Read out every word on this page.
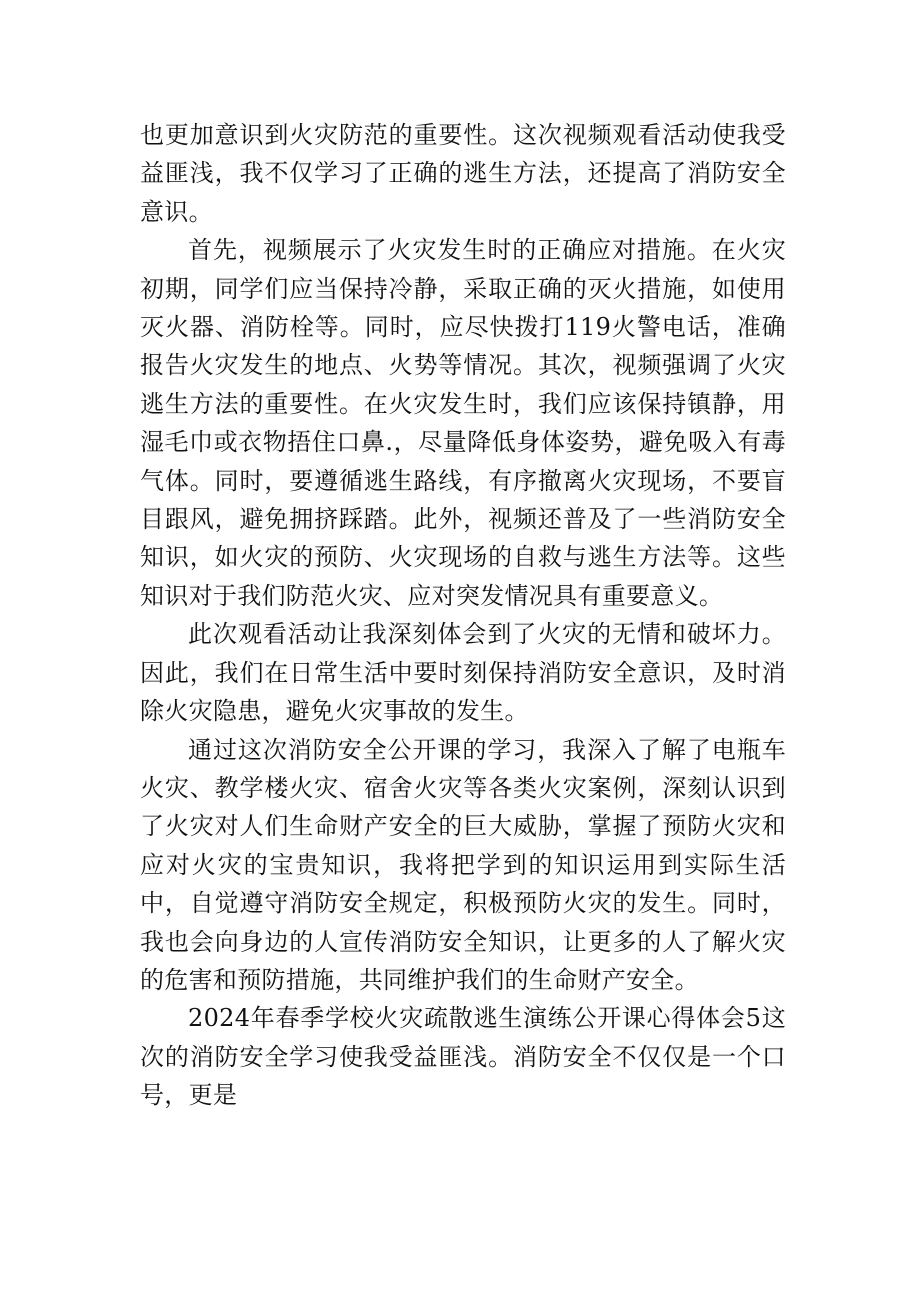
也更加意识到火灾防范的重要性。这次视频观看活动使我受益匪浅，我不仅学习了正确的逃生方法，还提高了消防安全意识。

首先，视频展示了火灾发生时的正确应对措施。在火灾初期，同学们应当保持冷静，采取正确的灭火措施，如使用灭火器、消防栓等。同时，应尽快拨打119火警电话，准确报告火灾发生的地点、火势等情况。其次，视频强调了火灾逃生方法的重要性。在火灾发生时，我们应该保持镇静，用湿毛巾或衣物捂住口鼻.，尽量降低身体姿势，避免吸入有毒气体。同时，要遵循逃生路线，有序撤离火灾现场，不要盲目跟风，避免拥挤踩踏。此外，视频还普及了一些消防安全知识，如火灾的预防、火灾现场的自救与逃生方法等。这些知识对于我们防范火灾、应对突发情况具有重要意义。

此次观看活动让我深刻体会到了火灾的无情和破坏力。因此，我们在日常生活中要时刻保持消防安全意识，及时消除火灾隐患，避免火灾事故的发生。

通过这次消防安全公开课的学习，我深入了解了电瓶车火灾、教学楼火灾、宿舍火灾等各类火灾案例，深刻认识到了火灾对人们生命财产安全的巨大威胁，掌握了预防火灾和应对火灾的宝贵知识，我将把学到的知识运用到实际生活中，自觉遵守消防安全规定，积极预防火灾的发生。同时，我也会向身边的人宣传消防安全知识，让更多的人了解火灾的危害和预防措施，共同维护我们的生命财产安全。

2024年春季学校火灾疏散逃生演练公开课心得体会5这次的消防安全学习使我受益匪浅。消防安全不仅仅是一个口号，更是
